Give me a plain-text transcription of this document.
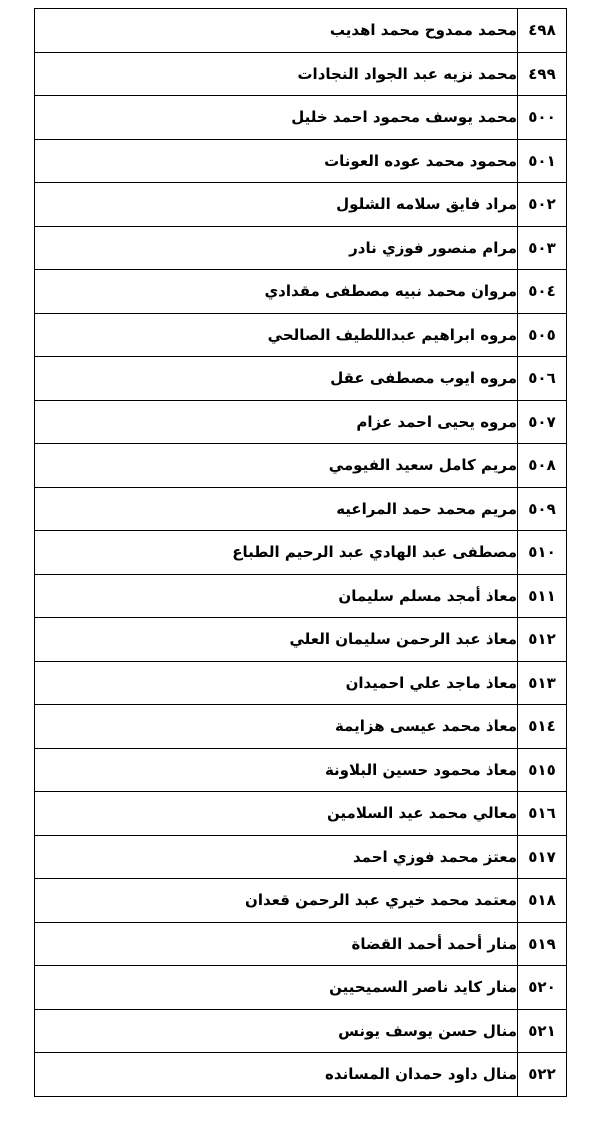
٤٩٨	محمد ممدوح محمد اهديب
٤٩٩	محمد نزيه عبد الجواد النجادات
٥٠٠	محمد يوسف محمود احمد خليل
٥٠١	محمود محمد عوده العونات
٥٠٢	مراد فايق سلامه الشلول
٥٠٣	مرام منصور فوزي نادر
٥٠٤	مروان محمد نبيه مصطفى مقدادي
٥٠٥	مروه ابراهيم عبداللطيف الصالحي
٥٠٦	مروه ايوب مصطفى عقل
٥٠٧	مروه يحيى احمد عزام
٥٠٨	مريم كامل سعيد الفيومي
٥٠٩	مريم محمد حمد المراعيه
٥١٠	مصطفى عبد الهادي عبد الرحيم الطباع
٥١١	معاذ أمجد مسلم سليمان
٥١٢	معاذ عبد الرحمن سليمان العلي
٥١٣	معاذ ماجد علي احميدان
٥١٤	معاذ محمد عيسى هزايمة
٥١٥	معاذ محمود حسين البلاونة
٥١٦	معالي محمد عيد السلامين
٥١٧	معتز محمد فوزي احمد
٥١٨	معتمد محمد خيري عبد الرحمن قعدان
٥١٩	منار أحمد أحمد القضاة
٥٢٠	منار كايد ناصر السميحيين
٥٢١	منال حسن يوسف يونس
٥٢٢	منال داود حمدان المسانده
